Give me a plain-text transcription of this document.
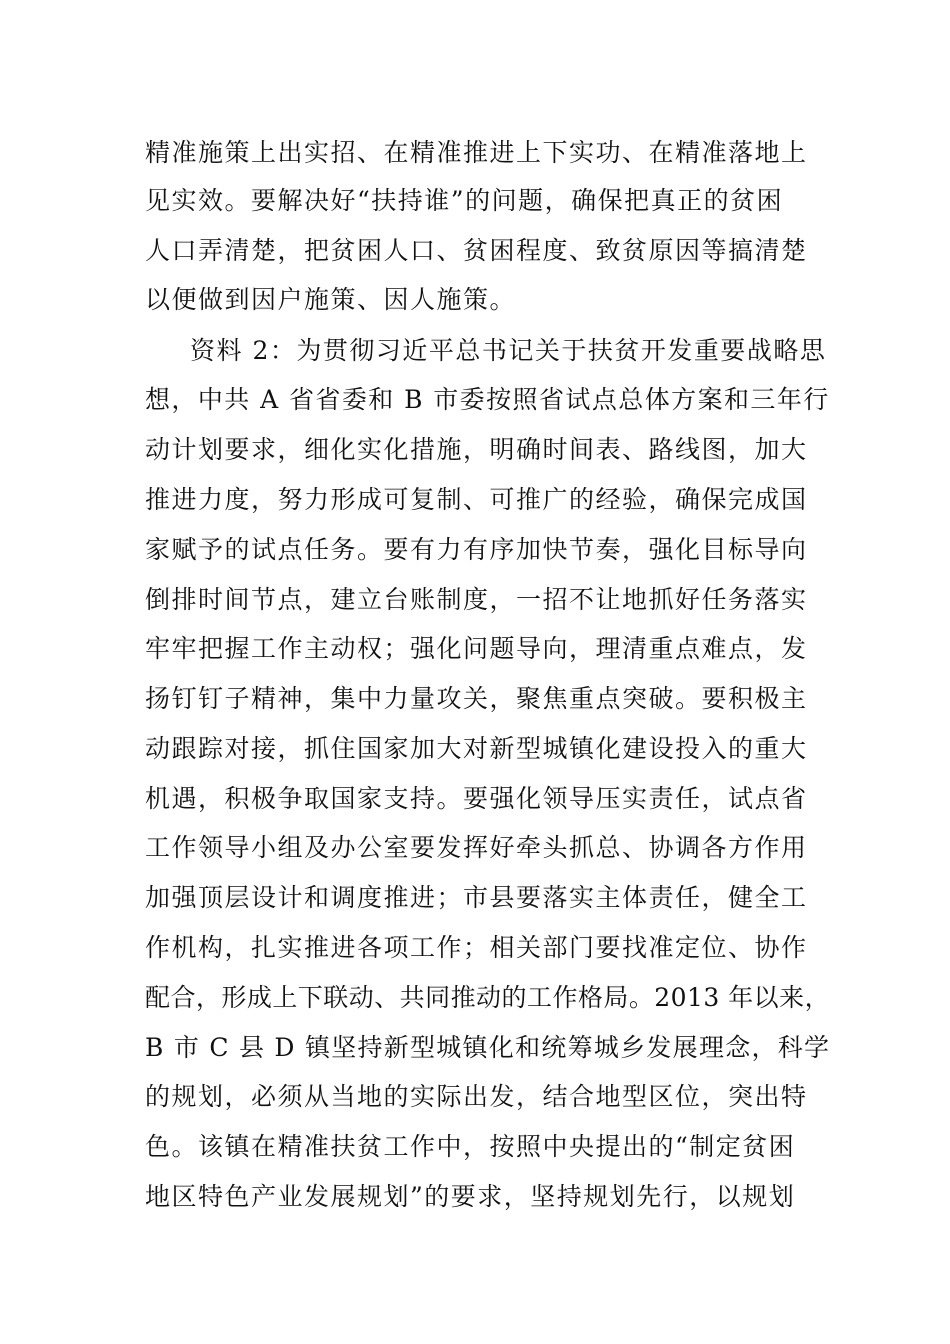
精准施策上出实招、在精准推进上下实功、在精准落地上
见实效。要解决好“扶持谁”的问题，确保把真正的贫困
人口弄清楚，把贫困人口、贫困程度、致贫原因等搞清楚
以便做到因户施策、因人施策。
资料 2：为贯彻习近平总书记关于扶贫开发重要战略思
想，中共 A 省省委和 B 市委按照省试点总体方案和三年行
动计划要求，细化实化措施，明确时间表、路线图，加大
推进力度，努力形成可复制、可推广的经验，确保完成国
家赋予的试点任务。要有力有序加快节奏，强化目标导向
倒排时间节点，建立台账制度，一招不让地抓好任务落实
牢牢把握工作主动权；强化问题导向，理清重点难点，发
扬钉钉子精神，集中力量攻关，聚焦重点突破。要积极主
动跟踪对接，抓住国家加大对新型城镇化建设投入的重大
机遇，积极争取国家支持。要强化领导压实责任，试点省
工作领导小组及办公室要发挥好牵头抓总、协调各方作用
加强顶层设计和调度推进；市县要落实主体责任，健全工
作机构，扎实推进各项工作；相关部门要找准定位、协作
配合，形成上下联动、共同推动的工作格局。2013 年以来，
B 市 C 县 D 镇坚持新型城镇化和统筹城乡发展理念，科学
的规划，必须从当地的实际出发，结合地型区位，突出特
色。该镇在精准扶贫工作中，按照中央提出的“制定贫困
地区特色产业发展规划”的要求，坚持规划先行，以规划
